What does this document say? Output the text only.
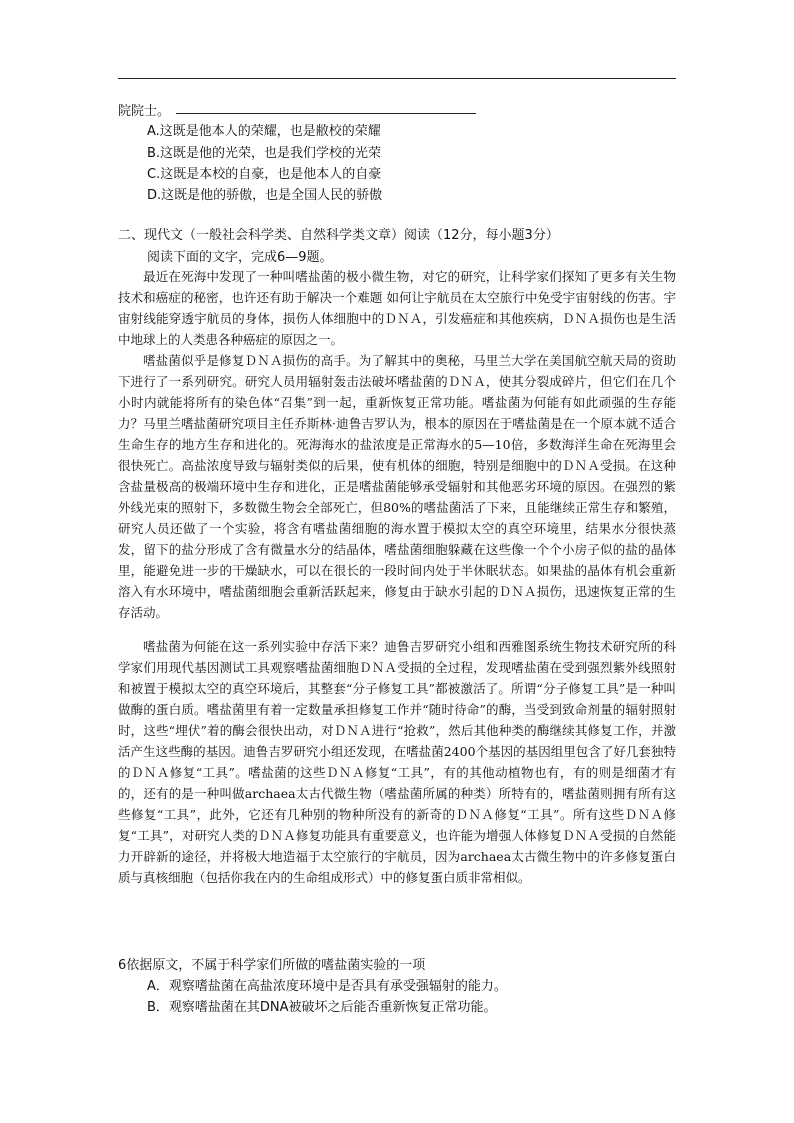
院院士。
A.这既是他本人的荣耀，也是敝校的荣耀
B.这既是他的光荣，也是我们学校的光荣
C.这既是本校的自豪，也是他本人的自豪
D.这既是他的骄傲，也是全国人民的骄傲
二、现代文（一般社会科学类、自然科学类文章）阅读（12分，每小题3分）
阅读下面的文字，完成6—9题。

最近在死海中发现了一种叫嗜盐菌的极小微生物，对它的研究，让科学家们探知了更多有关生物技术和癌症的秘密，也许还有助于解决一个难题 如何让宇航员在太空旅行中免受宇宙射线的伤害。宇宙射线能穿透宇航员的身体，损伤人体细胞中的ＤＮＡ，引发癌症和其他疾病，ＤＮＡ损伤也是生活中地球上的人类患各种癌症的原因之一。

嗜盐菌似乎是修复ＤＮＡ损伤的高手。为了解其中的奥秘，马里兰大学在美国航空航天局的资助下进行了一系列研究。研究人员用辐射轰击法破坏嗜盐菌的ＤＮＡ，使其分裂成碎片，但它们在几个小时内就能将所有的染色体“召集”到一起，重新恢复正常功能。嗜盐菌为何能有如此顽强的生存能力？马里兰嗜盐菌研究项目主任乔斯林·迪鲁吉罗认为，根本的原因在于嗜盐菌是在一个原本就不适合生命生存的地方生存和进化的。死海海水的盐浓度是正常海水的5—10倍，多数海洋生命在死海里会很快死亡。高盐浓度导致与辐射类似的后果，使有机体的细胞，特别是细胞中的ＤＮＡ受损。在这种含盐量极高的极端环境中生存和进化，正是嗜盐菌能够承受辐射和其他恶劣环境的原因。在强烈的紫外线光束的照射下，多数微生物会全部死亡，但80%的嗜盐菌活了下来，且能继续正常生存和繁殖，研究人员还做了一个实验，将含有嗜盐菌细胞的海水置于模拟太空的真空环境里，结果水分很快蒸发，留下的盐分形成了含有微量水分的结晶体，嗜盐菌细胞躲藏在这些像一个个小房子似的盐的晶体里，能避免进一步的干燥缺水，可以在很长的一段时间内处于半休眠状态。如果盐的晶体有机会重新溶入有水环境中，嗜盐菌细胞会重新活跃起来，修复由于缺水引起的ＤＮＡ损伤，迅速恢复正常的生存活动。

嗜盐菌为何能在这一系列实验中存活下来？迪鲁吉罗研究小组和西雅图系统生物技术研究所的科学家们用现代基因测试工具观察嗜盐菌细胞ＤＮＡ受损的全过程，发现嗜盐菌在受到强烈紫外线照射和被置于模拟太空的真空环境后，其整套“分子修复工具”都被激活了。所谓“分子修复工具”是一种叫做酶的蛋白质。嗜盐菌里有着一定数量承担修复工作并“随时待命”的酶，当受到致命剂量的辐射照射时，这些“埋伏”着的酶会很快出动，对ＤＮＡ进行“抢救”，然后其他种类的酶继续其修复工作，并激活产生这些酶的基因。迪鲁吉罗研究小组还发现，在嗜盐菌2400个基因的基因组里包含了好几套独特的ＤＮＡ修复“工具”。嗜盐菌的这些ＤＮＡ修复“工具”，有的其他动植物也有，有的则是细菌才有的，还有的是一种叫做archaea太古代微生物（嗜盐菌所属的种类）所特有的，嗜盐菌则拥有所有这些修复“工具”，此外，它还有几种别的物种所没有的新奇的ＤＮＡ修复“工具”。所有这些ＤＮＡ修复“工具”，对研究人类的ＤＮＡ修复功能具有重要意义，也许能为增强人体修复ＤＮＡ受损的自然能力开辟新的途径，并将极大地造福于太空旅行的宇航员，因为archaea太古微生物中的许多修复蛋白质与真核细胞（包括你我在内的生命组成形式）中的修复蛋白质非常相似。

6依据原文，不属于科学家们所做的嗜盐菌实验的一项
A．观察嗜盐菌在高盐浓度环境中是否具有承受强辐射的能力。
B．观察嗜盐菌在其DNA被破坏之后能否重新恢复正常功能。
